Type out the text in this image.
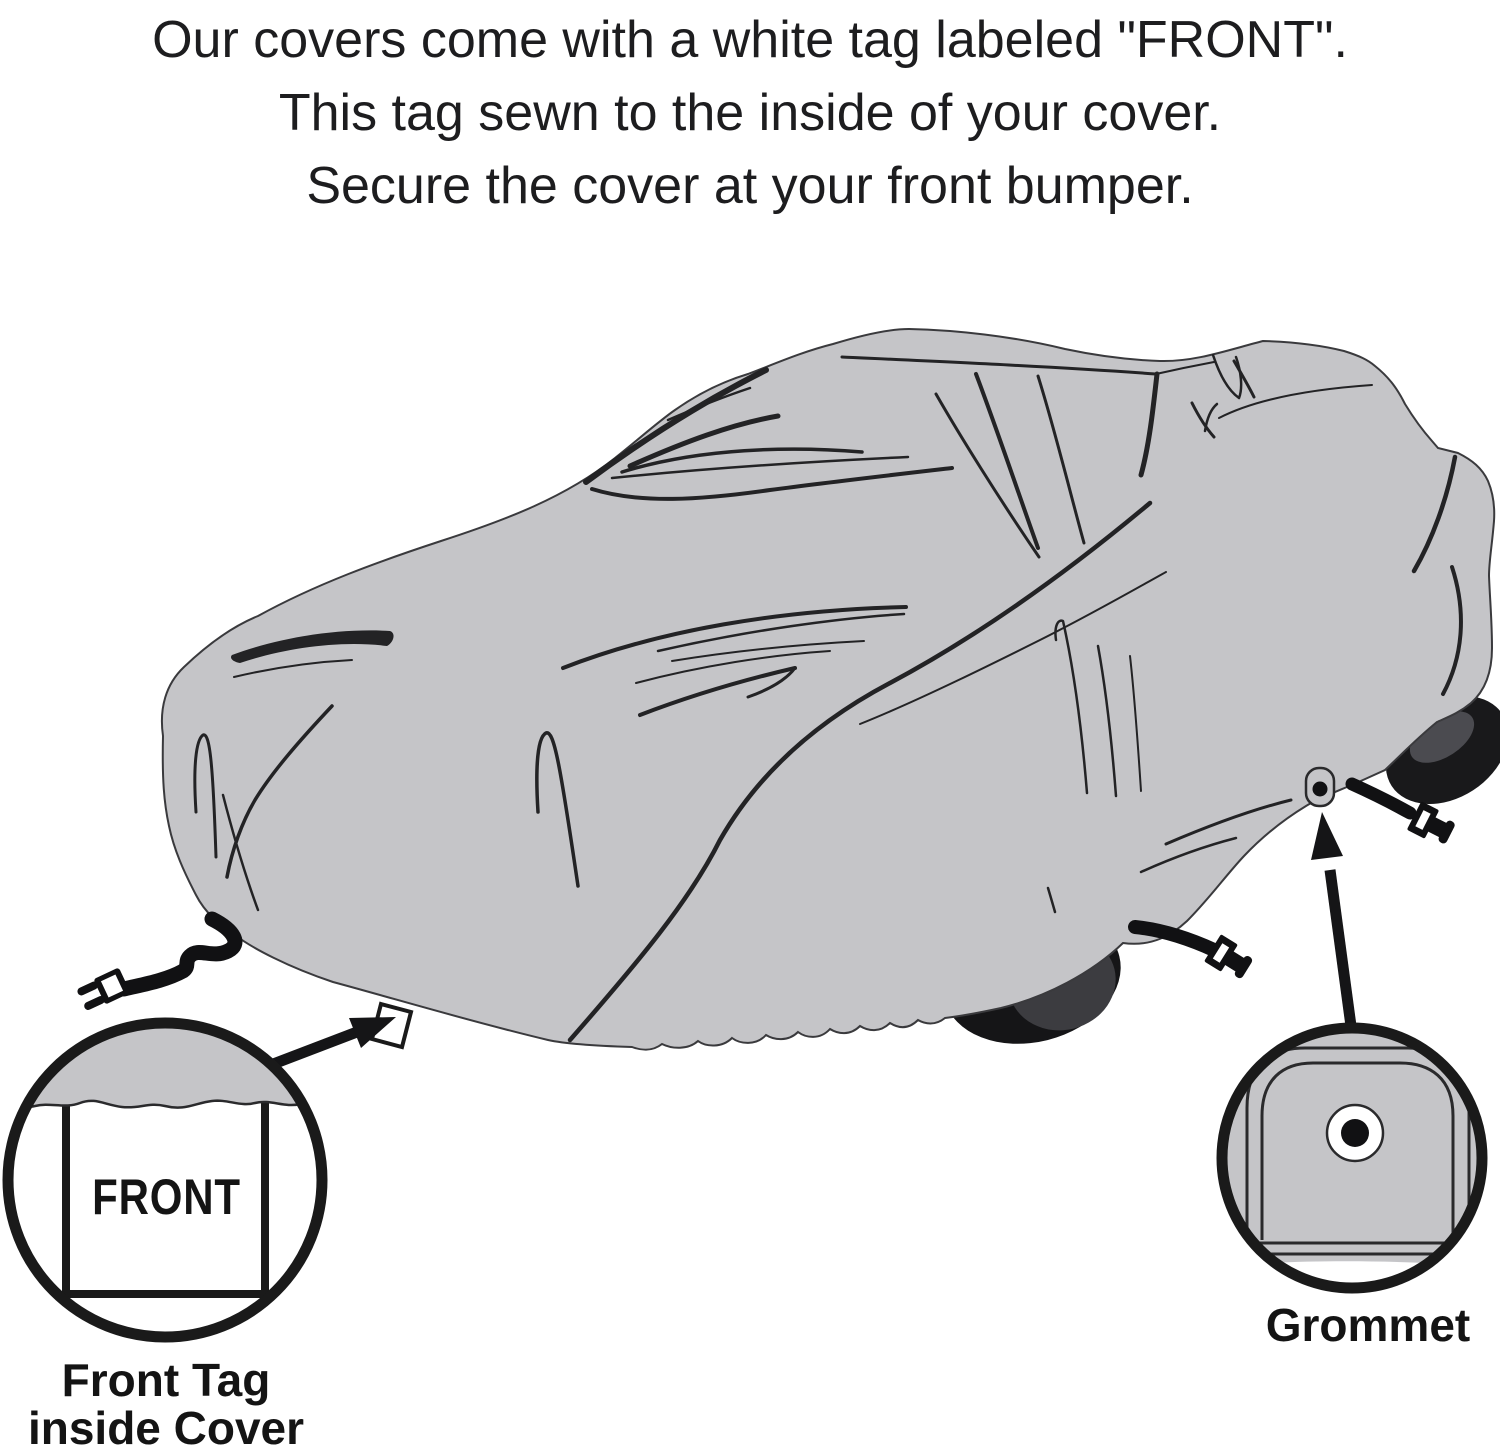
Our covers come with a white tag labeled "FRONT".
This tag sewn to the inside of your cover.
Secure the cover at your front bumper.
FRONT
Front Tag
inside Cover
Grommet
